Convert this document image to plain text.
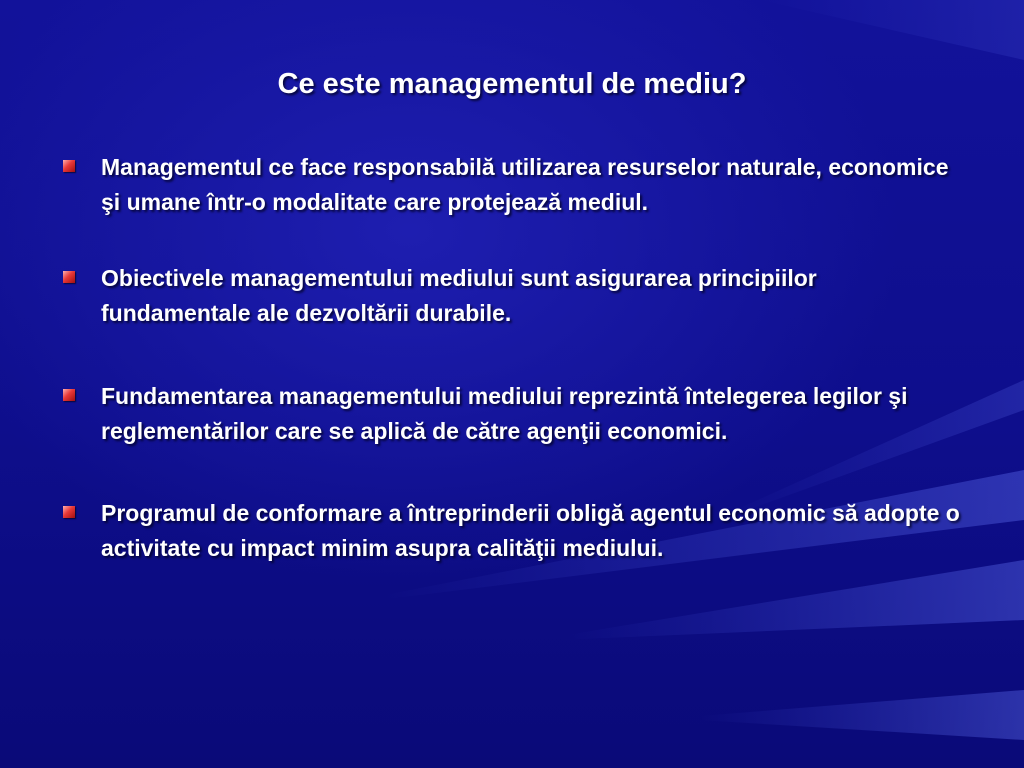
Ce este managementul de mediu?
Managementul ce face responsabilă utilizarea resurselor naturale, economice şi umane într-o modalitate care protejează mediul.
Obiectivele managementului mediului sunt asigurarea principiilor fundamentale ale dezvoltării durabile.
Fundamentarea managementului mediului reprezintă întelegerea legilor şi reglementărilor care se aplică de către agenţii economici.
Programul de conformare a întreprinderii obligă agentul economic să adopte o activitate cu impact minim asupra calităţii mediului.
